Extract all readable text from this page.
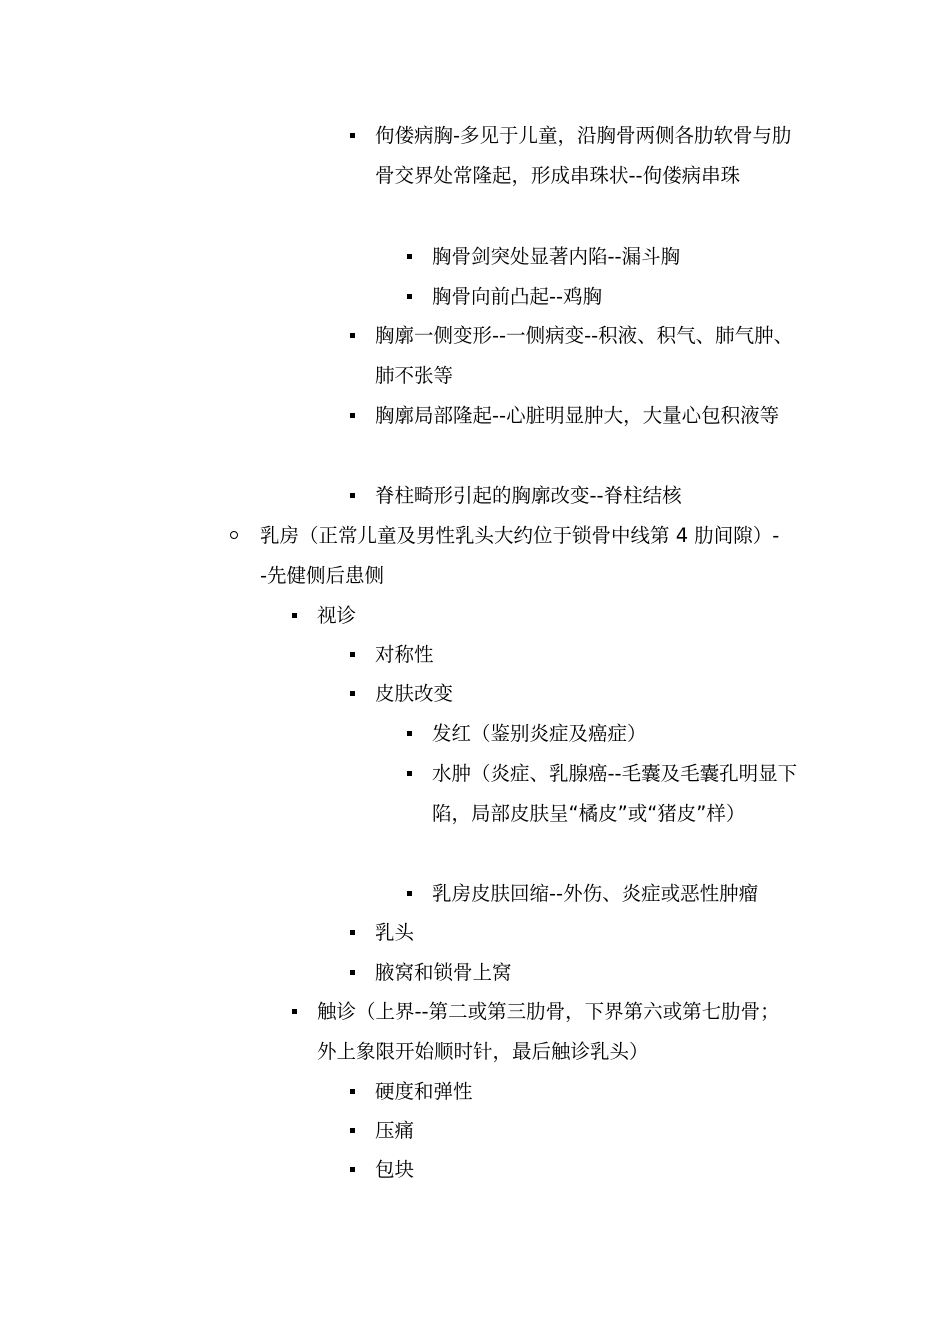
佝偻病胸-多见于儿童，沿胸骨两侧各肋软骨与肋骨交界处常隆起，形成串珠状--佝偻病串珠
胸骨剑突处显著内陷--漏斗胸
胸骨向前凸起--鸡胸
胸廓一侧变形--一侧病变--积液、积气、肺气肿、肺不张等
胸廓局部隆起--心脏明显肿大，大量心包积液等
脊柱畸形引起的胸廓改变--脊柱结核
乳房（正常儿童及男性乳头大约位于锁骨中线第 4 肋间隙）--先健侧后患侧
视诊
对称性
皮肤改变
发红（鉴别炎症及癌症）
水肿（炎症、乳腺癌--毛囊及毛囊孔明显下陷，局部皮肤呈“橘皮”或“猪皮”样）
乳房皮肤回缩--外伤、炎症或恶性肿瘤
乳头
腋窝和锁骨上窝
触诊（上界--第二或第三肋骨，下界第六或第七肋骨；外上象限开始顺时针，最后触诊乳头）
硬度和弹性
压痛
包块
